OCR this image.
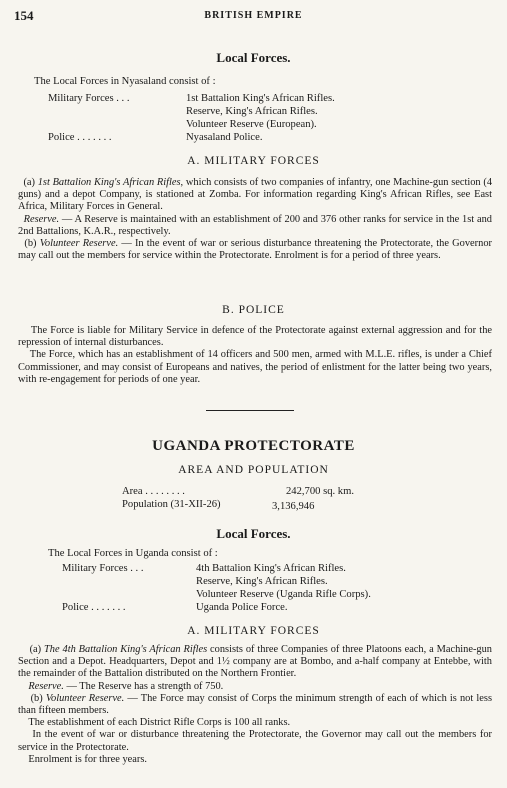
154	BRITISH EMPIRE
Local Forces.
The Local Forces in Nyasaland consist of :
Military Forces . . .	1st Battalion King's African Rifles.
Reserve, King's African Rifles.
Volunteer Reserve (European).
Police . . . . . . .	Nyasaland Police.
A. MILITARY FORCES

(a) 1st Battalion King's African Rifles, which consists of two companies of infantry, one Machine-gun section (4 guns) and a depot Company, is stationed at Zomba. For information regarding King's African Rifles, see East Africa, Military Forces in General.

Reserve. — A Reserve is maintained with an establishment of 200 and 376 other ranks for service in the 1st and 2nd Battalions, K.A.R., respectively.

(b) Volunteer Reserve. — In the event of war or serious disturbance threatening the Protectorate, the Governor may call out the members for service within the Protectorate. Enrolment is for a period of three years.

B. POLICE

The Force is liable for Military Service in defence of the Protectorate against external aggression and for the repression of internal disturbances.

The Force, which has an establishment of 14 officers and 500 men, armed with M.L.E. rifles, is under a Chief Commissioner, and may consist of Europeans and natives, the period of enlistment for the latter being two years, with re-engagement for periods of one year.

UGANDA PROTECTORATE
AREA AND POPULATION
Area . . . . . . . .	242,700 sq. km.
Population (31-XII-26)	3,136,946
Local Forces.
The Local Forces in Uganda consist of :
Military Forces . . .	4th Battalion King's African Rifles.
Reserve, King's African Rifles.
Volunteer Reserve (Uganda Rifle Corps).
Police . . . . . . .	Uganda Police Force.
A. MILITARY FORCES

(a) The 4th Battalion King's African Rifles consists of three Companies of three Platoons each, a Machine-gun Section and a Depot. Headquarters, Depot and 1½ company are at Bombo, and a-half company at Entebbe, with the remainder of the Battalion distributed on the Northern Frontier.

Reserve. — The Reserve has a strength of 750.

(b) Volunteer Reserve. — The Force may consist of Corps the minimum strength of each of which is not less than fifteen members.

The establishment of each District Rifle Corps is 100 all ranks.

In the event of war or disturbance threatening the Protectorate, the Governor may call out the members for service in the Protectorate.

Enrolment is for three years.
